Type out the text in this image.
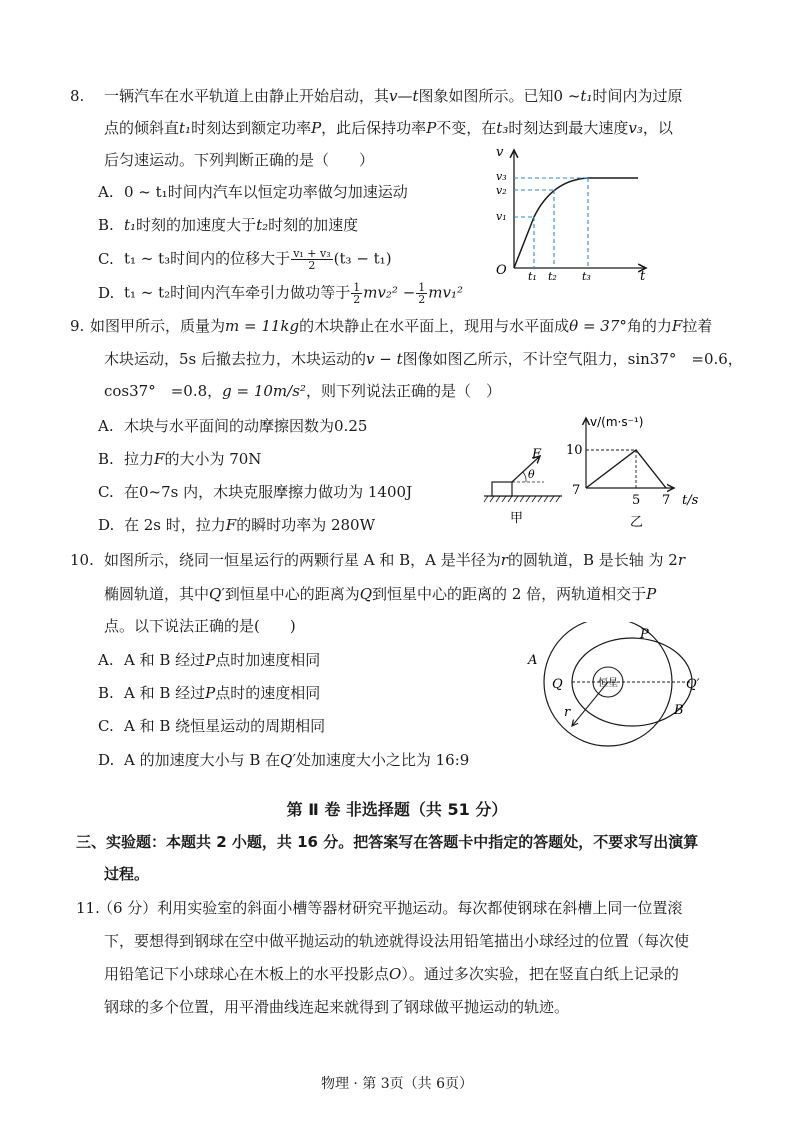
8. 一辆汽车在水平轨道上由静止开始启动，其v—t图象如图所示。已知0 ~t₁时间内为过原
点的倾斜直t₁时刻达到额定功率P，此后保持功率P不变，在t₃时刻达到最大速度v₃，以
后匀速运动。下列判断正确的是（　　）
A. 0 ~ t₁时间内汽车以恒定功率做匀加速运动
B. t₁时刻的加速度大于t₂时刻的加速度
C. t₁ ~ t₃时间内的位移大于 $\frac{\text{v₁ + v₃}}{2} (t_3 - t_1)$
D. t₁ ~ t₂时间内汽车牵引力做功等于 $\frac{1}{2} mv_2^2 - \frac{1}{2} mv_1^2$
v
t
O
v₃
v₂
v₁
t₁ t₂ t₃
9. 如图甲所示，质量为m = 11kg的木块静止在水平面上，现用与水平面成θ = 37°角的力F拉着
木块运动，5s 后撤去拉力，木块运动的v − t图像如图乙所示，不计空气阻力，sin37°　=0.6，
cos37°　=0.8，g = 10m/s²，则下列说法正确的是（　）
A. 木块与水平面间的动摩擦因数为0.25
B. 拉力F的大小为 70N
C. 在0~7s 内，木块克服摩擦力做功为 1400J
D. 在 2s 时，拉力F的瞬时功率为 280W
F
θ
甲
v/(m·s⁻¹)
10
7
5 7 t/s
乙
10. 如图所示，绕同一恒星运行的两颗行星 A 和 B，A 是半径为r的圆轨道，B 是长轴 为 2r
椭圆轨道，其中Q′到恒星中心的距离为Q到恒星中心的距离的 2 倍，两轨道相交于P
点。以下说法正确的是(　　)
A. A 和 B 经过P点时加速度相同
B. A 和 B 经过P点时的速度相同
C. A 和 B 绕恒星运动的周期相同
D. A 的加速度大小与 B 在Q′处加速度大小之比为 16:9
恒星
A
B
P
Q	Q′
r
第 Ⅱ 卷 非选择题（共 51 分）
三、实验题：本题共 2 小题，共 16 分。把答案写在答题卡中指定的答题处，不要求写出演算
过程。
11.
（6 分）利用实验室的斜面小槽等器材研究平抛运动。每次都使钢球在斜槽上同一位置滚
下，要想得到钢球在空中做平抛运动的轨迹就得设法用铅笔描出小球经过的位置（每次使
用铅笔记下小球球心在木板上的水平投影点O）。通过多次实验，把在竖直白纸上记录的
钢球的多个位置，用平滑曲线连起来就得到了钢球做平抛运动的轨迹。
物理 · 第 3页（共 6页）
